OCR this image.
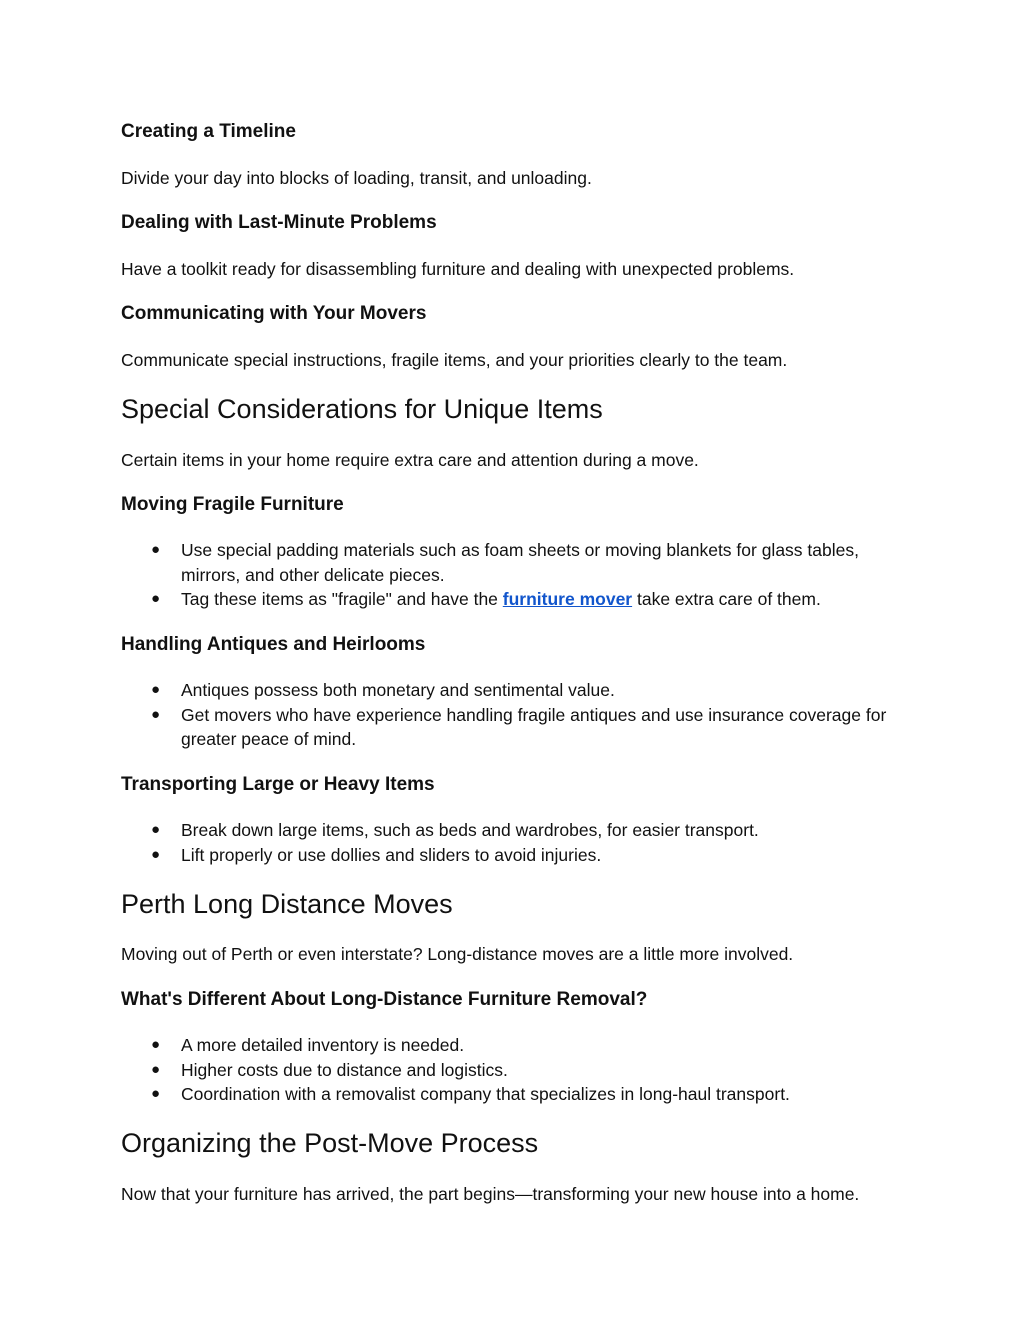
Creating a Timeline

Divide your day into blocks of loading, transit, and unloading.

Dealing with Last-Minute Problems

Have a toolkit ready for disassembling furniture and dealing with unexpected problems.

Communicating with Your Movers

Communicate special instructions, fragile items, and your priorities clearly to the team.

Special Considerations for Unique Items

Certain items in your home require extra care and attention during a move.

Moving Fragile Furniture
● Use special padding materials such as foam sheets or moving blankets for glass tables, mirrors, and other delicate pieces.
● Tag these items as "fragile" and have the furniture mover take extra care of them.
Handling Antiques and Heirlooms
● Antiques possess both monetary and sentimental value.
● Get movers who have experience handling fragile antiques and use insurance coverage for greater peace of mind.
Transporting Large or Heavy Items
● Break down large items, such as beds and wardrobes, for easier transport.
● Lift properly or use dollies and sliders to avoid injuries.
Perth Long Distance Moves

Moving out of Perth or even interstate? Long-distance moves are a little more involved.

What's Different About Long-Distance Furniture Removal?
● A more detailed inventory is needed.
● Higher costs due to distance and logistics.
● Coordination with a removalist company that specializes in long-haul transport.
Organizing the Post-Move Process

Now that your furniture has arrived, the part begins—transforming your new house into a home.
